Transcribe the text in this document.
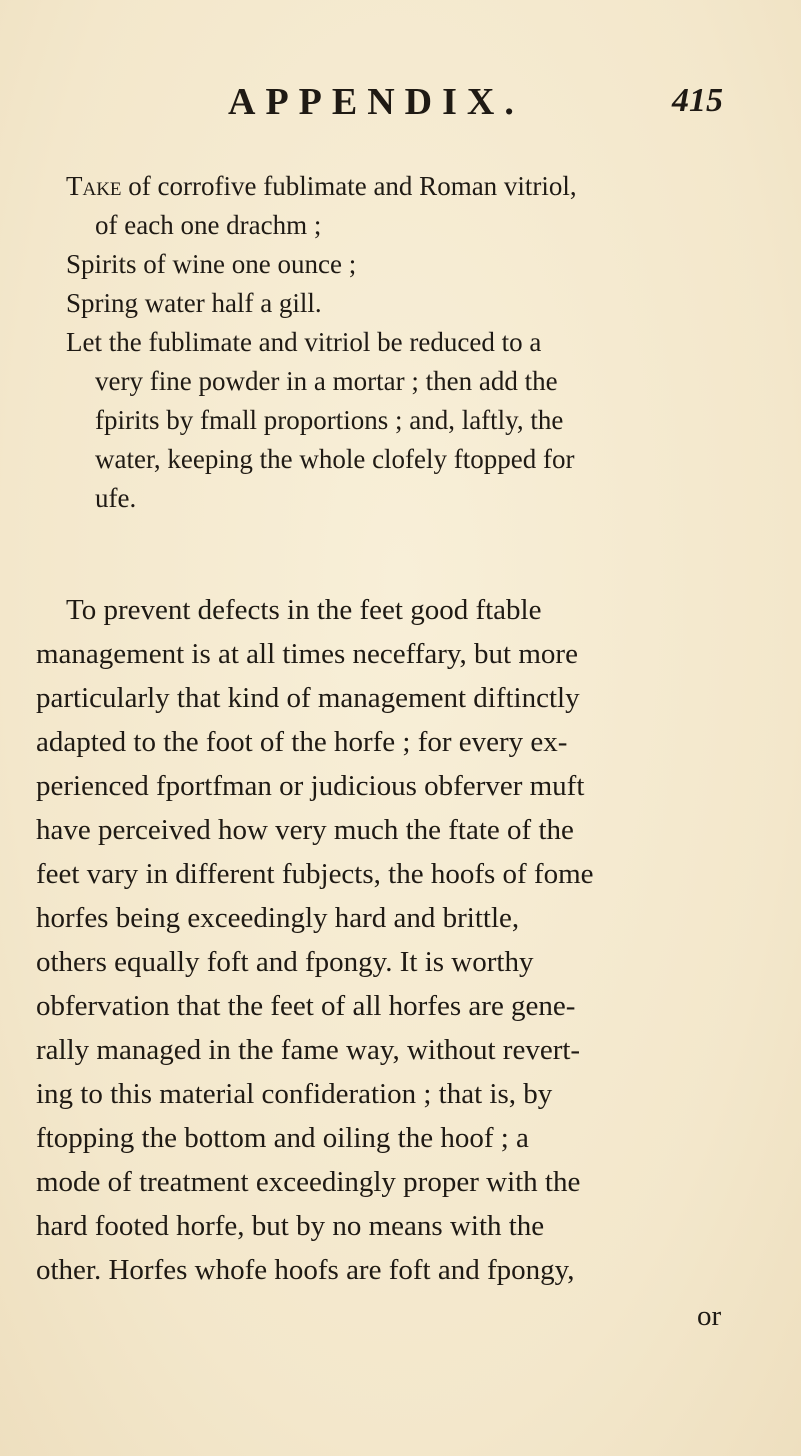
APPENDIX.	415
Take of corrofive fublimate and Roman vitriol,
of each one drachm ;
Spirits of wine one ounce ;
Spring water half a gill.
Let the fublimate and vitriol be reduced to a
very fine powder in a mortar ; then add the
fpirits by fmall proportions ; and, laftly, the
water, keeping the whole clofely ftopped for
ufe.
To prevent defects in the feet good ftable
management is at all times neceffary, but more
particularly that kind of management diftinctly
adapted to the foot of the horfe ; for every ex-
perienced fportfman or judicious obferver muft
have perceived how very much the ftate of the
feet vary in different fubjects, the hoofs of fome
horfes being exceedingly hard and brittle,
others equally foft and fpongy. It is worthy
obfervation that the feet of all horfes are gene-
rally managed in the fame way, without revert-
ing to this material confideration ; that is, by
ftopping the bottom and oiling the hoof ; a
mode of treatment exceedingly proper with the
hard footed horfe, but by no means with the
other. Horfes whofe hoofs are foft and fpongy,
or
